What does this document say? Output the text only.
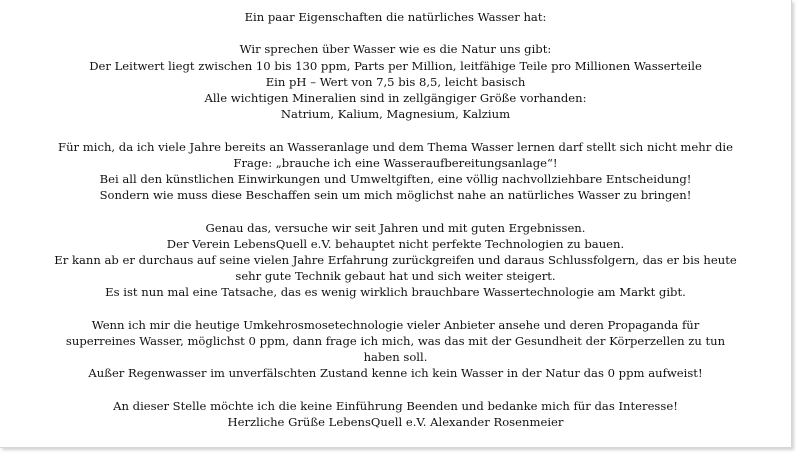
Ein paar Eigenschaften die natürliches Wasser hat:
Wir sprechen über Wasser wie es die Natur uns gibt:
Der Leitwert liegt zwischen 10 bis 130 ppm, Parts per Million, leitfähige Teile pro Millionen Wasserteile
Ein pH – Wert von 7,5 bis 8,5, leicht basisch
Alle wichtigen Mineralien sind in zellgängiger Größe vorhanden:
Natrium, Kalium, Magnesium, Kalzium
Für mich, da ich viele Jahre bereits an Wasseranlage und dem Thema Wasser lernen darf stellt sich nicht mehr die
Frage: „brauche ich eine Wasseraufbereitungsanlage“!
Bei all den künstlichen Einwirkungen und Umweltgiften, eine völlig nachvollziehbare Entscheidung!
Sondern wie muss diese Beschaffen sein um mich möglichst nahe an natürliches Wasser zu bringen!
Genau das, versuche wir seit Jahren und mit guten Ergebnissen.
Der Verein LebensQuell e.V. behauptet nicht perfekte Technologien zu bauen.
Er kann ab er durchaus auf seine vielen Jahre Erfahrung zurückgreifen und daraus Schlussfolgern, das er bis heute
sehr gute Technik gebaut hat und sich weiter steigert.
Es ist nun mal eine Tatsache, das es wenig wirklich brauchbare Wassertechnologie am Markt gibt.
Wenn ich mir die heutige Umkehrosmosetechnologie vieler Anbieter ansehe und deren Propaganda für
superreines Wasser, möglichst 0 ppm, dann frage ich mich, was das mit der Gesundheit der Körperzellen zu tun
haben soll.
Außer Regenwasser im unverfälschten Zustand kenne ich kein Wasser in der Natur das 0 ppm aufweist!
An dieser Stelle möchte ich die keine Einführung Beenden und bedanke mich für das Interesse!
Herzliche Grüße LebensQuell e.V. Alexander Rosenmeier
